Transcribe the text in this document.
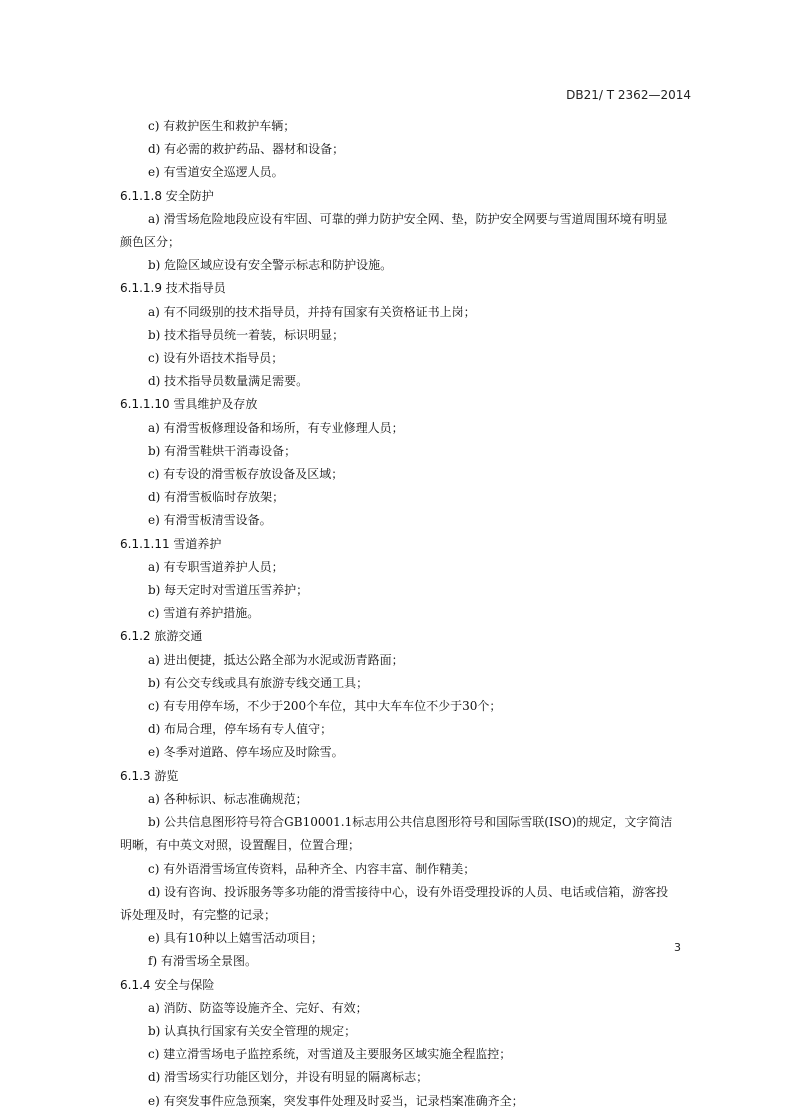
DB21/ T 2362—2014
c) 有救护医生和救护车辆；
d) 有必需的救护药品、器材和设备；
e) 有雪道安全巡逻人员。
6.1.1.8 安全防护
a) 滑雪场危险地段应设有牢固、可靠的弹力防护安全网、垫，防护安全网要与雪道周围环境有明显
颜色区分；
b) 危险区域应设有安全警示标志和防护设施。
6.1.1.9 技术指导员
a) 有不同级别的技术指导员，并持有国家有关资格证书上岗；
b) 技术指导员统一着装，标识明显；
c) 设有外语技术指导员；
d) 技术指导员数量满足需要。
6.1.1.10 雪具维护及存放
a) 有滑雪板修理设备和场所，有专业修理人员；
b) 有滑雪鞋烘干消毒设备；
c) 有专设的滑雪板存放设备及区域；
d) 有滑雪板临时存放架；
e) 有滑雪板清雪设备。
6.1.1.11 雪道养护
a) 有专职雪道养护人员；
b) 每天定时对雪道压雪养护；
c) 雪道有养护措施。
6.1.2 旅游交通
a) 进出便捷，抵达公路全部为水泥或沥青路面；
b) 有公交专线或具有旅游专线交通工具；
c) 有专用停车场，不少于200个车位，其中大车车位不少于30个；
d) 布局合理，停车场有专人值守；
e) 冬季对道路、停车场应及时除雪。
6.1.3 游览
a) 各种标识、标志准确规范；
b) 公共信息图形符号符合GB10001.1标志用公共信息图形符号和国际雪联(ISO)的规定，文字简洁
明晰，有中英文对照，设置醒目，位置合理；
c) 有外语滑雪场宣传资料，品种齐全、内容丰富、制作精美；
d) 设有咨询、投诉服务等多功能的滑雪接待中心，设有外语受理投诉的人员、电话或信箱，游客投
诉处理及时，有完整的记录；
e) 具有10种以上嬉雪活动项目；
f) 有滑雪场全景图。
6.1.4 安全与保险
a) 消防、防盗等设施齐全、完好、有效；
b) 认真执行国家有关安全管理的规定；
c) 建立滑雪场电子监控系统，对雪道及主要服务区域实施全程监控；
d) 滑雪场实行功能区划分，并设有明显的隔离标志；
e) 有突发事件应急预案，突发事件处理及时妥当，记录档案准确齐全；
3
